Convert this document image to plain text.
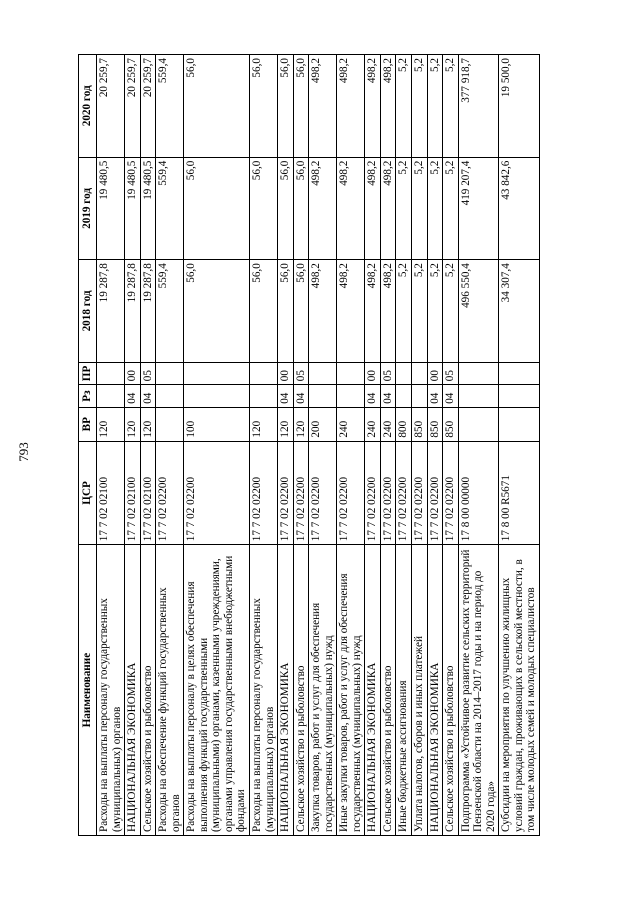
793
Наименование	ЦСР	ВР	Рз	ПР	2018 год	2019 год	2020 год
Расходы на выплаты персоналу государственных (муниципальных) органов	17 7 02 02100	120			19 287,8	19 480,5	20 259,7
НАЦИОНАЛЬНАЯ ЭКОНОМИКА	17 7 02 02100	120	04	00	19 287,8	19 480,5	20 259,7
Сельское хозяйство и рыболовство	17 7 02 02100	120	04	05	19 287,8	19 480,5	20 259,7
Расходы на обеспечение функций государственных органов	17 7 02 02200				559,4	559,4	559,4
Расходы на выплаты персоналу в целях обеспечения выполнения функций государственными (муниципальными) органами, казенными учреждениями, органами управления государственными внебюджетными фондами	17 7 02 02200	100			56,0	56,0	56,0
Расходы на выплаты персоналу государственных (муниципальных) органов	17 7 02 02200	120			56,0	56,0	56,0
НАЦИОНАЛЬНАЯ ЭКОНОМИКА	17 7 02 02200	120	04	00	56,0	56,0	56,0
Сельское хозяйство и рыболовство	17 7 02 02200	120	04	05	56,0	56,0	56,0
Закупка товаров, работ и услуг для обеспечения государственных (муниципальных) нужд	17 7 02 02200	200			498,2	498,2	498,2
Иные закупки товаров, работ и услуг для обеспечения государственных (муниципальных) нужд	17 7 02 02200	240			498,2	498,2	498,2
НАЦИОНАЛЬНАЯ ЭКОНОМИКА	17 7 02 02200	240	04	00	498,2	498,2	498,2
Сельское хозяйство и рыболовство	17 7 02 02200	240	04	05	498,2	498,2	498,2
Иные бюджетные ассигнования	17 7 02 02200	800			5,2	5,2	5,2
Уплата налогов, сборов и иных платежей	17 7 02 02200	850			5,2	5,2	5,2
НАЦИОНАЛЬНАЯ ЭКОНОМИКА	17 7 02 02200	850	04	00	5,2	5,2	5,2
Сельское хозяйство и рыболовство	17 7 02 02200	850	04	05	5,2	5,2	5,2
Подпрограмма «Устойчивое развитие сельских территорий Пензенской области на 2014–2017 годы и на период до 2020 года»	17 8 00 00000				496 550,4	419 207,4	377 918,7
Субсидии на мероприятия по улучшению жилищных условий граждан, проживающих в сельской местности, в том числе молодых семей и молодых специалистов	17 8 00 R5671				34 307,4	43 842,6	19 500,0
